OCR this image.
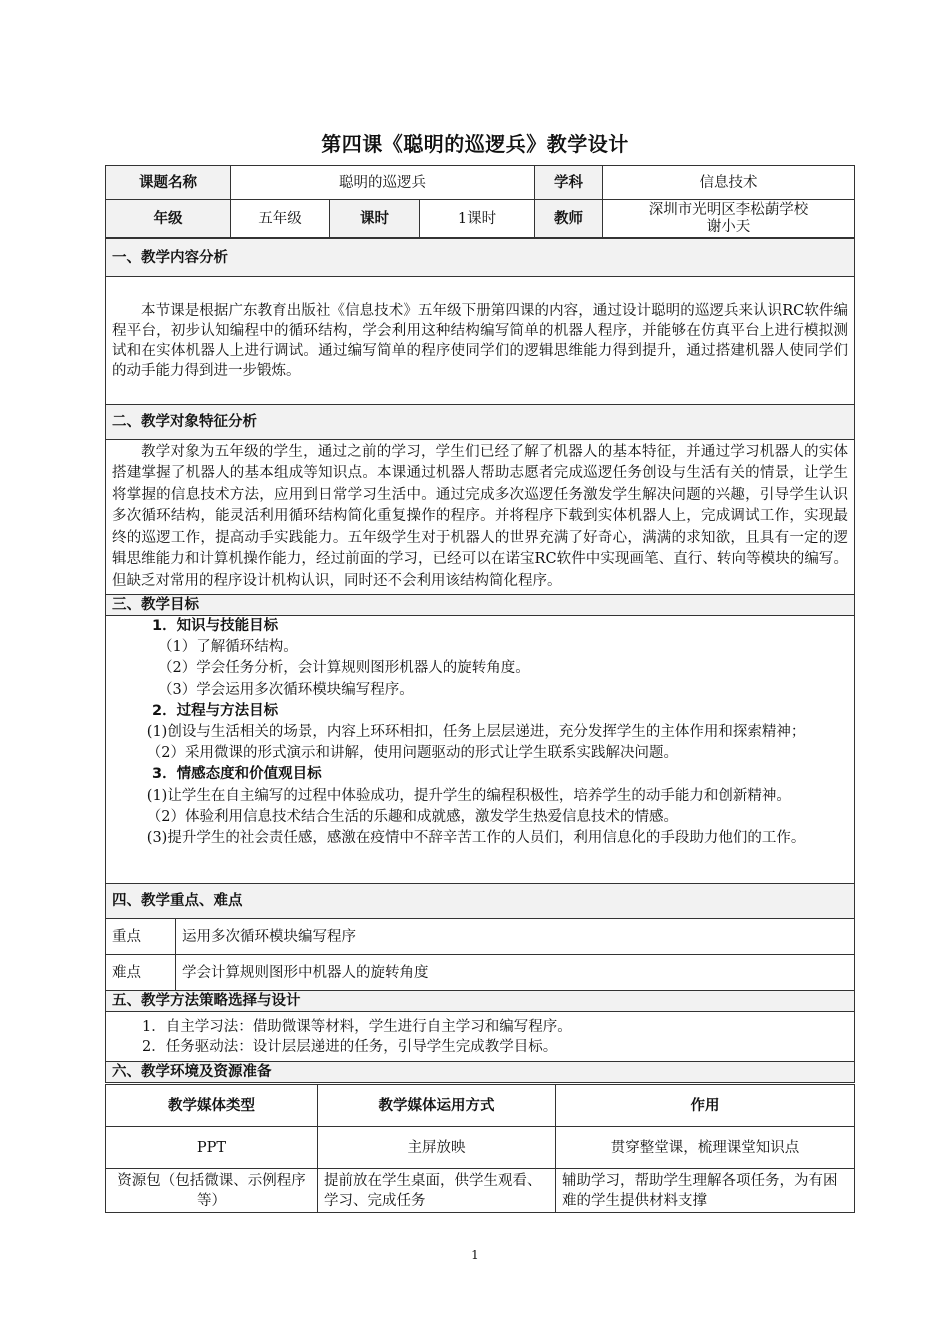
第四课《聪明的巡逻兵》教学设计
课题名称	聪明的巡逻兵			学科	信息技术
年级	五年级	课时	1课时	教师	深圳市光明区李松蓢学校
谢小天
一、教学内容分析	
本节课是根据广东教育出版社《信息技术》五年级下册第四课的内容，通过设计聪明的巡逻兵来认识RC软件编程平台，初步认知编程中的循环结构，学会利用这种结构编写简单的机器人程序，并能够在仿真平台上进行模拟测试和在实体机器人上进行调试。通过编写简单的程序使同学们的逻辑思维能力得到提升，通过搭建机器人使同学们的动手能力得到进一步锻炼。	
二、教学对象特征分析	
教学对象为五年级的学生，通过之前的学习，学生们已经了解了机器人的基本特征，并通过学习机器人的实体搭建掌握了机器人的基本组成等知识点。本课通过机器人帮助志愿者完成巡逻任务创设与生活有关的情景，让学生将掌握的信息技术方法，应用到日常学习生活中。通过完成多次巡逻任务激发学生解决问题的兴趣，引导学生认识多次循环结构，能灵活利用循环结构简化重复操作的程序。并将程序下载到实体机器人上，完成调试工作，实现最终的巡逻工作，提高动手实践能力。五年级学生对于机器人的世界充满了好奇心，满满的求知欲，且具有一定的逻辑思维能力和计算机操作能力，经过前面的学习，已经可以在诺宝RC软件中实现画笔、直行、转向等模块的编写。但缺乏对常用的程序设计机构认识，同时还不会利用该结构简化程序。	
三、教学目标	

1．知识与技能目标
（1）了解循环结构。
（2）学会任务分析，会计算规则图形机器人的旋转角度。
（3）学会运用多次循环模块编写程序。
2．过程与方法目标
(1)创设与生活相关的场景，内容上环环相扣，任务上层层递进，充分发挥学生的主体作用和探索精神；
（2）采用微课的形式演示和讲解，使用问题驱动的形式让学生联系实践解决问题。
3．情感态度和价值观目标
(1)让学生在自主编写的过程中体验成功，提升学生的编程积极性，培养学生的动手能力和创新精神。
（2）体验利用信息技术结合生活的乐趣和成就感，激发学生热爱信息技术的情感。
(3)提升学生的社会责任感，感激在疫情中不辞辛苦工作的人员们，利用信息化的手段助力他们的工作。

四、教学重点、难点	
重点	运用多次循环模块编写程序
难点	学会计算规则图形中机器人的旋转角度
五、教学方法策略选择与设计	

1．自主学习法：借助微课等材料，学生进行自主学习和编写程序。
2．任务驱动法：设计层层递进的任务，引导学生完成教学目标。	

六、教学环境及资源准备	
教学媒体类型	教学媒体运用方式	作用
PPT	主屏放映	贯穿整堂课，梳理课堂知识点
资源包（包括微课、示例程序等）	提前放在学生桌面，供学生观看、学习、完成任务	辅助学习，帮助学生理解各项任务，为有困难的学生提供材料支撑
1
